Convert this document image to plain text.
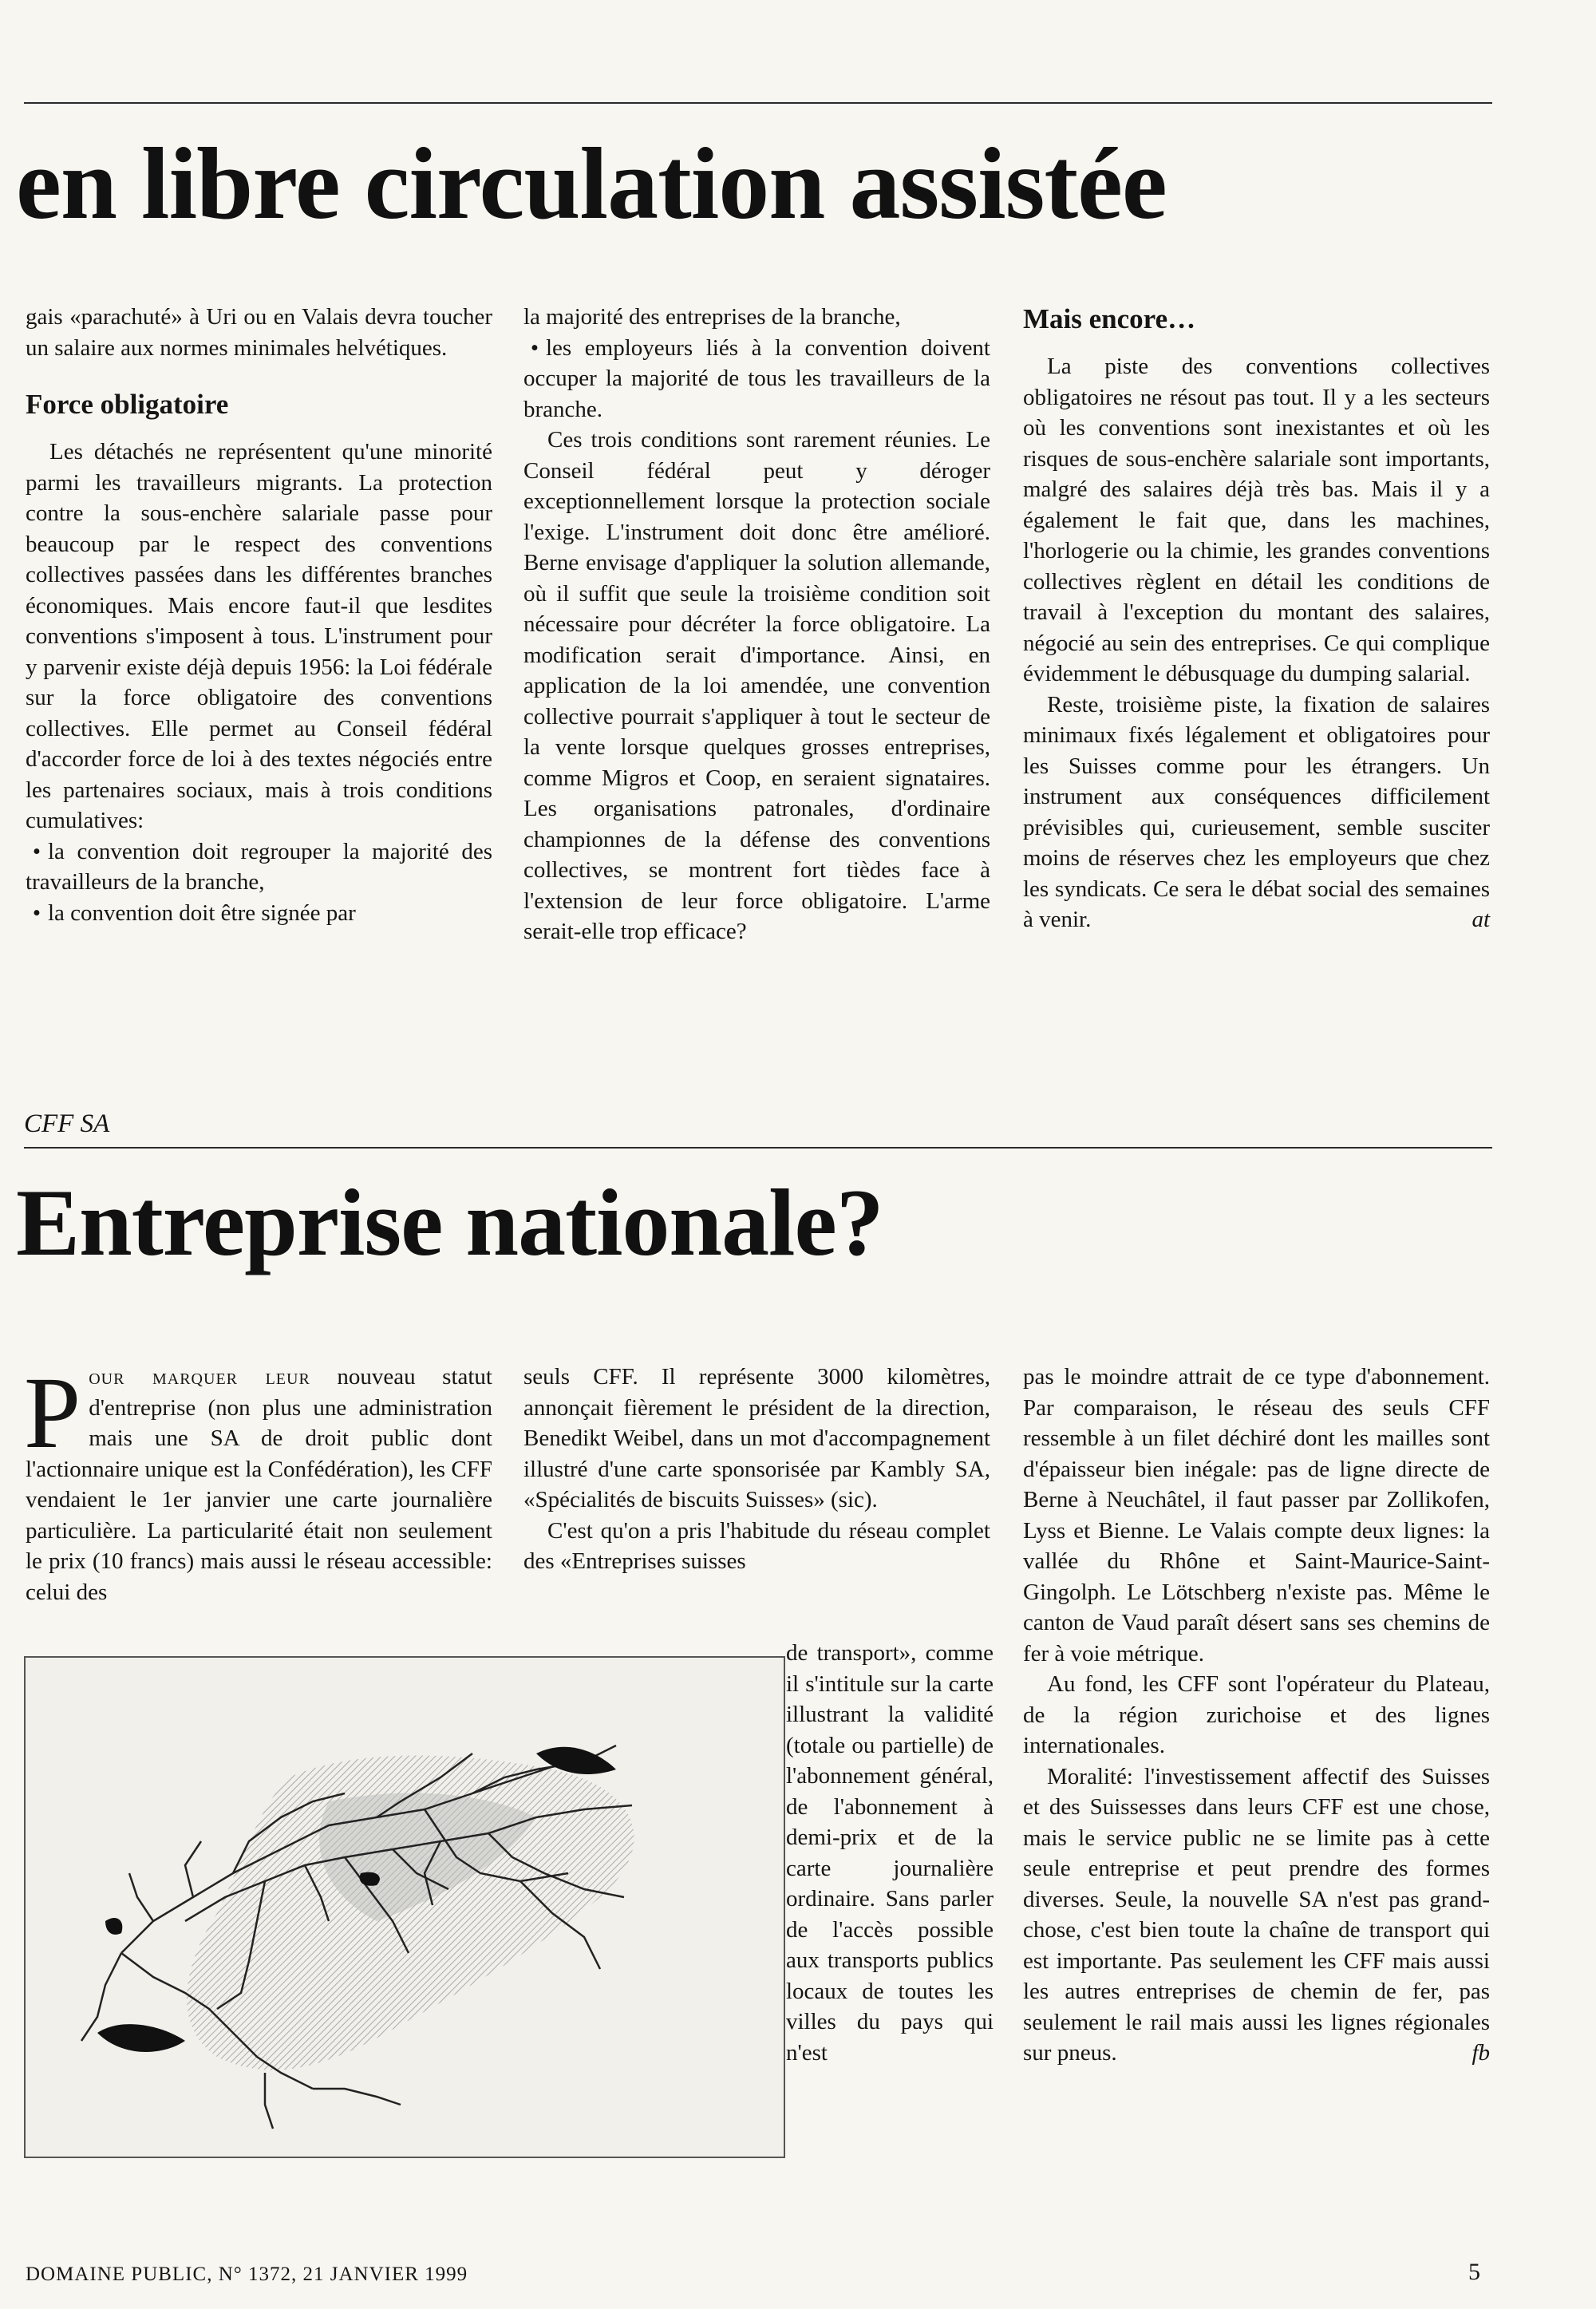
en libre circulation assistée

gais «parachuté» à Uri ou en Valais devra toucher un salaire aux normes minimales helvétiques.

Force obligatoire

Les détachés ne représentent qu'une minorité parmi les travailleurs migrants. La protection contre la sous-enchère salariale passe pour beaucoup par le respect des conventions collectives passées dans les différentes branches économiques. Mais encore faut-il que lesdites conventions s'imposent à tous. L'instrument pour y parvenir existe déjà depuis 1956: la Loi fédérale sur la force obligatoire des conventions collectives. Elle permet au Conseil fédéral d'accorder force de loi à des textes négociés entre les partenaires sociaux, mais à trois conditions cumulatives:

• la convention doit regrouper la majorité des travailleurs de la branche,

• la convention doit être signée par

la majorité des entreprises de la branche,

• les employeurs liés à la convention doivent occuper la majorité de tous les travailleurs de la branche.

Ces trois conditions sont rarement réunies. Le Conseil fédéral peut y déroger exceptionnellement lorsque la protection sociale l'exige. L'instrument doit donc être amélioré. Berne envisage d'appliquer la solution allemande, où il suffit que seule la troisième condition soit nécessaire pour décréter la force obligatoire. La modification serait d'importance. Ainsi, en application de la loi amendée, une convention collective pourrait s'appliquer à tout le secteur de la vente lorsque quelques grosses entreprises, comme Migros et Coop, en seraient signataires. Les organisations patronales, d'ordinaire championnes de la défense des conventions collectives, se montrent fort tièdes face à l'extension de leur force obligatoire. L'arme serait-elle trop efficace?

Mais encore…

La piste des conventions collectives obligatoires ne résout pas tout. Il y a les secteurs où les conventions sont inexistantes et où les risques de sous-enchère salariale sont importants, malgré des salaires déjà très bas. Mais il y a également le fait que, dans les machines, l'horlogerie ou la chimie, les grandes conventions collectives règlent en détail les conditions de travail à l'exception du montant des salaires, négocié au sein des entreprises. Ce qui complique évidemment le débusquage du dumping salarial.

Reste, troisième piste, la fixation de salaires minimaux fixés légalement et obligatoires pour les Suisses comme pour les étrangers. Un instrument aux conséquences difficilement prévisibles qui, curieusement, semble susciter moins de réserves chez les employeurs que chez les syndicats. Ce sera le débat social des semaines à venir.	at

CFF SA
Entreprise nationale?

Pour marquer leur nouveau statut d'entreprise (non plus une administration mais une SA de droit public dont l'actionnaire unique est la Confédération), les CFF vendaient le 1er janvier une carte journalière particulière. La particularité était non seulement le prix (10 francs) mais aussi le réseau accessible: celui des

seuls CFF. Il représente 3000 kilomètres, annonçait fièrement le président de la direction, Benedikt Weibel, dans un mot d'accompagnement illustré d'une carte sponsorisée par Kambly SA, «Spécialités de biscuits Suisses» (sic).

C'est qu'on a pris l'habitude du réseau complet des «Entreprises suisses

de transport», comme il s'intitule sur la carte illustrant la validité (totale ou partielle) de l'abonnement général, de l'abonnement à demi-prix et de la carte journalière ordinaire. Sans parler de l'accès possible aux transports publics locaux de toutes les villes du pays qui n'est

pas le moindre attrait de ce type d'abonnement. Par comparaison, le réseau des seuls CFF ressemble à un filet déchiré dont les mailles sont d'épaisseur bien inégale: pas de ligne directe de Berne à Neuchâtel, il faut passer par Zollikofen, Lyss et Bienne. Le Valais compte deux lignes: la vallée du Rhône et Saint-Maurice-Saint-Gingolph. Le Lötschberg n'existe pas. Même le canton de Vaud paraît désert sans ses chemins de fer à voie métrique.

Au fond, les CFF sont l'opérateur du Plateau, de la région zurichoise et des lignes internationales.

Moralité: l'investissement affectif des Suisses et des Suissesses dans leurs CFF est une chose, mais le service public ne se limite pas à cette seule entreprise et peut prendre des formes diverses. Seule, la nouvelle SA n'est pas grand-chose, c'est bien toute la chaîne de transport qui est importante. Pas seulement les CFF mais aussi les autres entreprises de chemin de fer, pas seulement le rail mais aussi les lignes régionales sur pneus.	fb

DOMAINE PUBLIC, N° 1372, 21 JANVIER 1999	5
